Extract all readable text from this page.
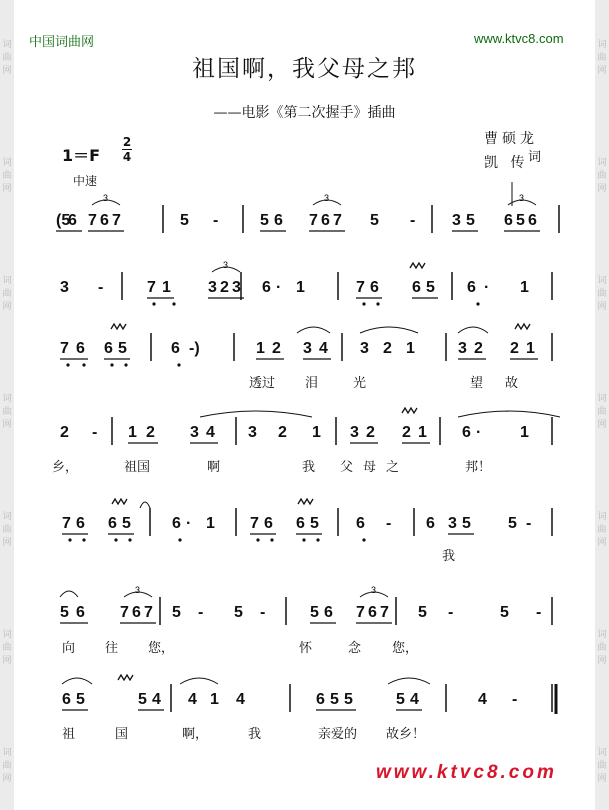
词
曲
网
词
曲
网
词
曲
网
词
曲
网
词
曲
网
词
曲
网
词
曲
网
词
曲
网
词
曲
网
词
曲
网
词
曲
网
词
曲
网
词
曲
网
词
曲
网
中国词曲网	www.ktvc8.com
祖国啊，我父母之邦
——电影《第二次握手》插曲
1＝F
2
4
中速
曹硕龙
凯 传 词
(5
6 7 6 7	5 -	5 6 7 6 7 5 - 3 5 6 5 6
3 -	7 1 3 2 3 6 · 1	7 6 6 5 6 · 1
7 6 6 5	6 -)	1 2 3 4 3 2 1	3 2 2 1
2 - 1 2 3 4 3 2 1 3 2 2 1 6 · 1
7 6 6 5	6 · 1 7 6 6 5 6 - 6 3 5 5 -
5 6 7 6 7 5 - 5 -	5 6 7 6 7 5 -	5 -
6 5	5 4 4 1 4	6 5 5	5 4	4 -
3	3	3
3
3	3
透过 泪	光	望 故
乡，	祖国	啊	我 父母之	邦！
我
向 往 您，	怀	念 您，
祖	国	啊，	我	亲爱的 故乡！
www.ktvc8.com
